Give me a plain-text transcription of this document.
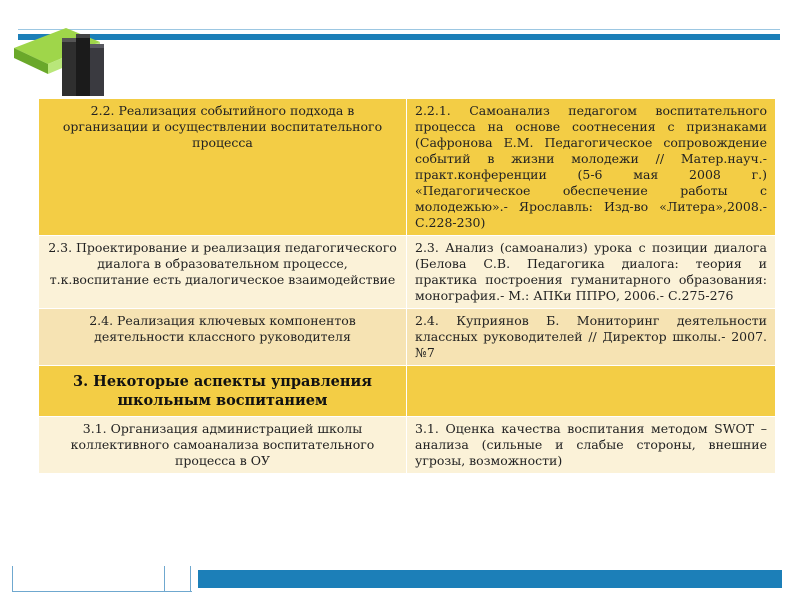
2.2. Реализация событийного подхода в организации и осуществлении воспитательного процесса	2.2.1. Самоанализ педагогом воспитательного процесса на основе соотнесения с признаками (Сафронова Е.М. Педагогическое сопровождение событий в жизни молодежи // Матер.науч.-практ.конференции (5-6 мая 2008 г.) «Педагогическое обеспечение работы с молодежью».- Ярославль: Изд-во «Литера»,2008.- С.228-230)
2.3. Проектирование и реализация педагогического диалога в образовательном процессе, т.к.воспитание есть диалогическое взаимодействие	2.3. Анализ (самоанализ) урока с позиции диалога (Белова С.В. Педагогика диалога: теория и практика построения гуманитарного образования: монография.- М.: АПКи ППРО, 2006.- С.275-276
2.4. Реализация ключевых компонентов деятельности классного руководителя	2.4. Куприянов Б. Мониторинг деятельности классных руководителей // Директор школы.- 2007. №7
3. Некоторые аспекты управления школьным воспитанием	
3.1. Организация администрацией школы коллективного самоанализа воспитательного процесса в ОУ	3.1. Оценка качества воспитания методом SWOT –анализа (сильные и слабые стороны, внешние угрозы, возможности)
